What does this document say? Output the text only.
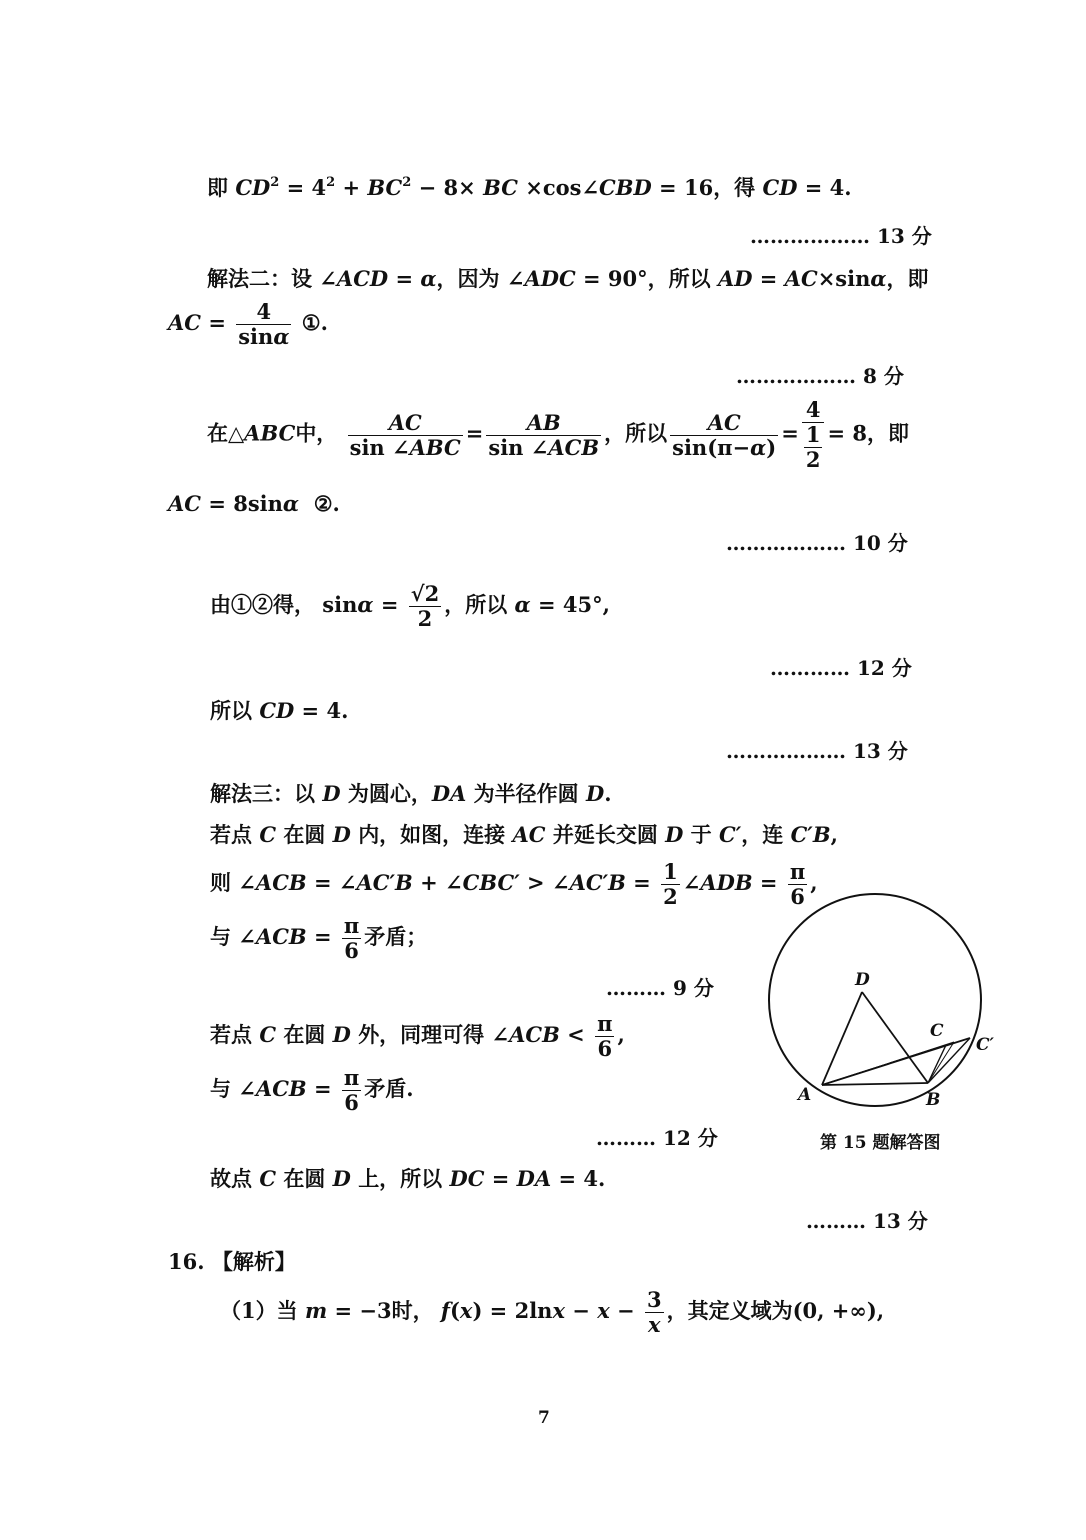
即 $CD^2 = 4^2 + BC^2 - 8\times$ BC ×cos∠CBD = 16，得 CD = 4.
……………… 13 分
解法二：设 ∠ACD = α，因为 ∠ADC = 90°，所以 AD = AC×sinα，即
AC = $\frac{4}{\sin\alpha}$ ①.
……………… 8 分
在△ABC中，	AC
sin ∠ABC
=	AB
sin ∠ACB
，所以 $\frac{AC}{\sin(\pi-\alpha)} = \frac{4}{\frac{1}{2}} = 8$，即
AC = 8sinα ②.
……………… 10 分
由①②得， $\sin\alpha = \frac{√2}{2}$ ，所以 α = 45°,
………… 12 分
所以 CD = 4.
……………… 13 分
解法三：以 D 为圆心，DA 为半径作圆 D.
若点 C 在圆 D 内，如图，连接 AC 并延长交圆 D 于 C′，连 C′B,
则 ∠ACB = ∠AC′B + ∠CBC′ > ∠AC′B = $\frac{1}{2}$ ∠ADB = $\frac{\pi}{6}$ ,
与 ∠ACB = $\frac{\pi}{6}$ 矛盾；
……… 9 分
若点 C 在圆 D 外，同理可得 ∠ACB < $\frac{\pi}{6}$ ,
与 ∠ACB = $\frac{\pi}{6}$ 矛盾.
……… 12 分
故点 C 在圆 D 上，所以 DC = DA = 4.
……… 13 分
16. 【解析】
（1）当 m = −3时， $f(x) = 2\ln x - x - \frac{3}{x}$ ，其定义域为(0, +∞),
D
A	B
C
C′
第 15 题解答图
7
